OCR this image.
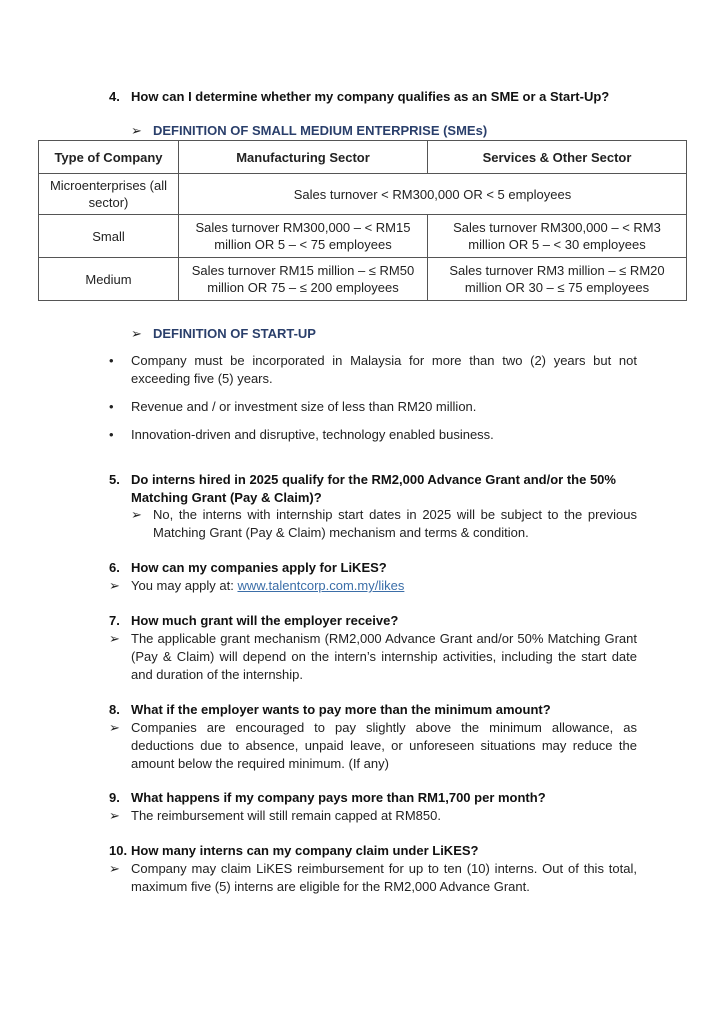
4. How can I determine whether my company qualifies as an SME or a Start-Up?
➢ DEFINITION OF SMALL MEDIUM ENTERPRISE (SMEs)
Type of Company	Manufacturing Sector	Services & Other Sector
Microenterprises (all sector)	Sales turnover < RM300,000 OR < 5 employees	
Small	Sales turnover RM300,000 – < RM15 million OR 5 – < 75 employees	Sales turnover RM300,000 – < RM3 million OR 5 – < 30 employees
Medium	Sales turnover RM15 million – ≤ RM50 million OR 75 – ≤ 200 employees	Sales turnover RM3 million – ≤ RM20 million OR 30 – ≤ 75 employees
➢ DEFINITION OF START-UP
• Company must be incorporated in Malaysia for more than two (2) years but not exceeding five (5) years.
• Revenue and / or investment size of less than RM20 million.
• Innovation-driven and disruptive, technology enabled business.
5. Do interns hired in 2025 qualify for the RM2,000 Advance Grant and/or the 50% Matching Grant (Pay & Claim)?
➢ No, the interns with internship start dates in 2025 will be subject to the previous Matching Grant (Pay & Claim) mechanism and terms & condition.
6. How can my companies apply for LiKES?
➢ You may apply at: www.talentcorp.com.my/likes
7. How much grant will the employer receive?
➢ The applicable grant mechanism (RM2,000 Advance Grant and/or 50% Matching Grant (Pay & Claim) will depend on the intern’s internship activities, including the start date and duration of the internship.
8. What if the employer wants to pay more than the minimum amount?
➢ Companies are encouraged to pay slightly above the minimum allowance, as deductions due to absence, unpaid leave, or unforeseen situations may reduce the amount below the required minimum. (If any)
9. What happens if my company pays more than RM1,700 per month?
➢ The reimbursement will still remain capped at RM850.
10. How many interns can my company claim under LiKES?
➢ Company may claim LiKES reimbursement for up to ten (10) interns. Out of this total, maximum five (5) interns are eligible for the RM2,000 Advance Grant.
